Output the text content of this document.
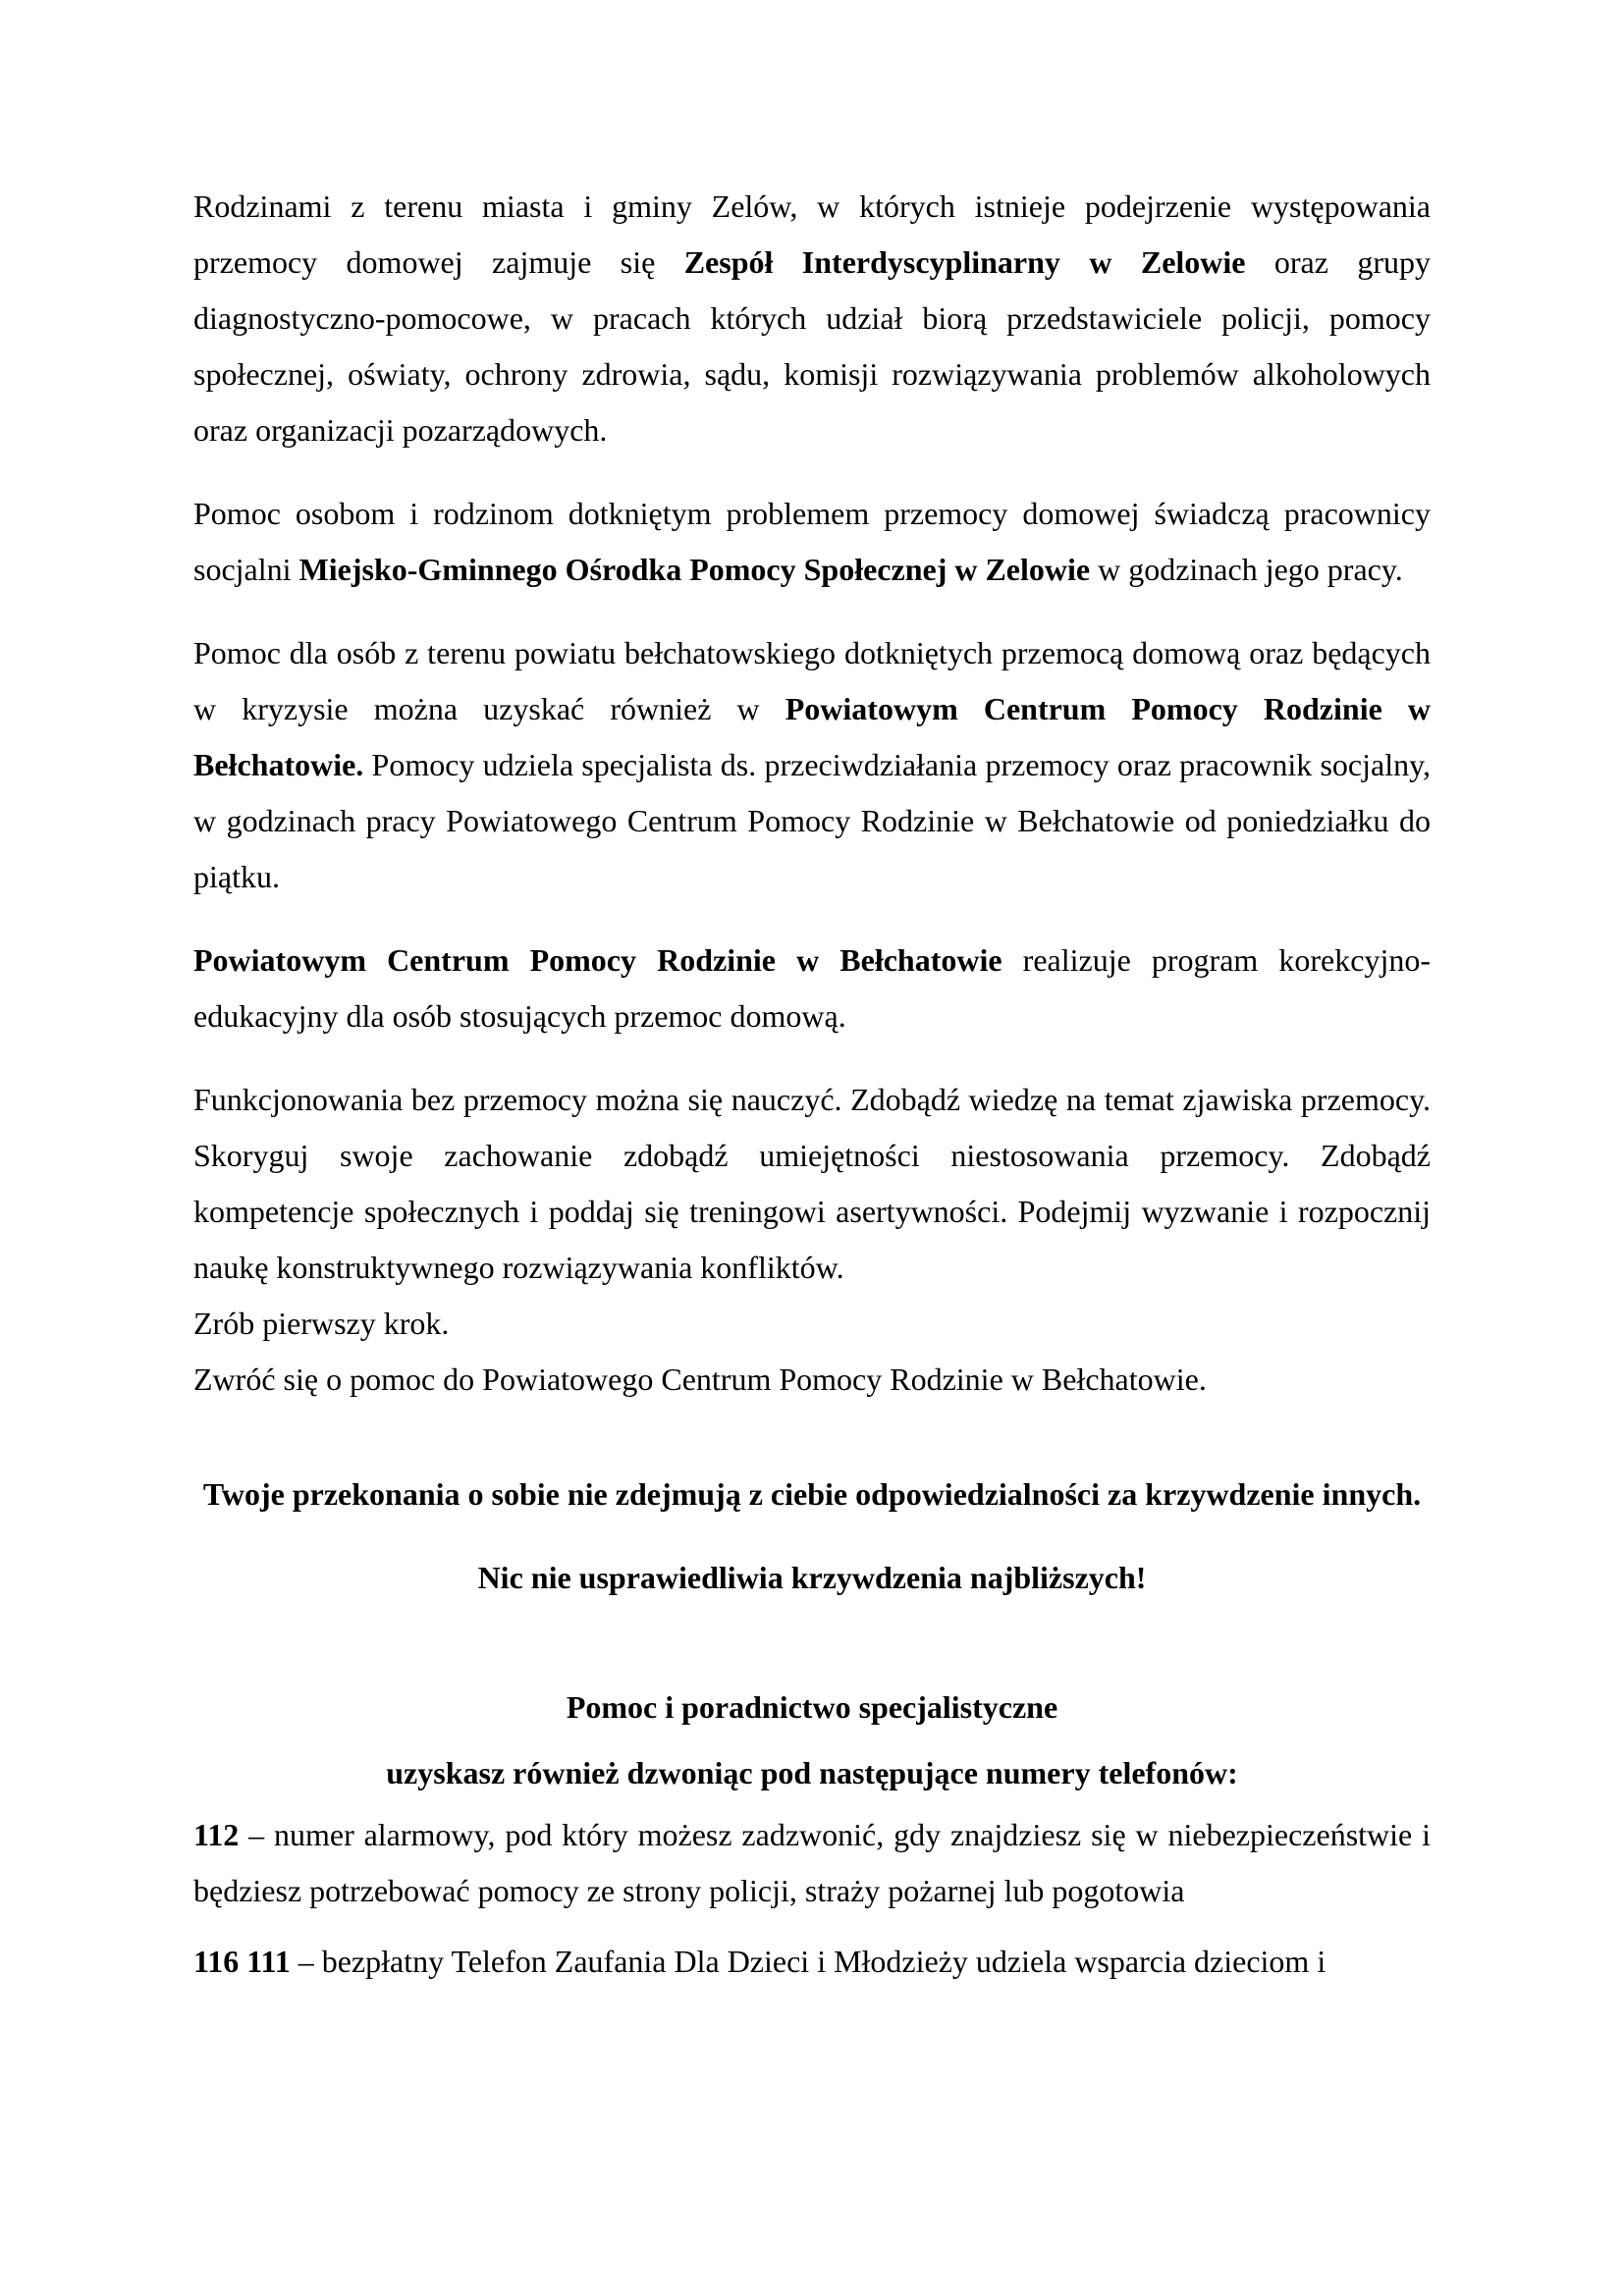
Rodzinami z terenu miasta i gminy Zelów, w których istnieje podejrzenie występowania przemocy domowej zajmuje się Zespół Interdyscyplinarny w Zelowie oraz grupy diagnostyczno-pomocowe, w pracach których udział biorą przedstawiciele policji, pomocy społecznej, oświaty, ochrony zdrowia, sądu, komisji rozwiązywania problemów alkoholowych oraz organizacji pozarządowych.

Pomoc osobom i rodzinom dotkniętym problemem przemocy domowej świadczą pracownicy socjalni Miejsko-Gminnego Ośrodka Pomocy Społecznej w Zelowie w godzinach jego pracy.

Pomoc dla osób z terenu powiatu bełchatowskiego dotkniętych przemocą domową oraz będących w kryzysie można uzyskać również w Powiatowym Centrum Pomocy Rodzinie w Bełchatowie. Pomocy udziela specjalista ds. przeciwdziałania przemocy oraz pracownik socjalny, w godzinach pracy Powiatowego Centrum Pomocy Rodzinie w Bełchatowie od poniedziałku do piątku.

Powiatowym Centrum Pomocy Rodzinie w Bełchatowie realizuje program korekcyjno-edukacyjny dla osób stosujących przemoc domową.

Funkcjonowania bez przemocy można się nauczyć. Zdobądź wiedzę na temat zjawiska przemocy. Skoryguj swoje zachowanie zdobądź umiejętności niestosowania przemocy. Zdobądź kompetencje społecznych i poddaj się treningowi asertywności. Podejmij wyzwanie i rozpocznij naukę konstruktywnego rozwiązywania konfliktów.

Zrób pierwszy krok.

Zwróć się o pomoc do Powiatowego Centrum Pomocy Rodzinie w Bełchatowie.

Twoje przekonania o sobie nie zdejmują z ciebie odpowiedzialności za krzywdzenie innych.

Nic nie usprawiedliwia krzywdzenia najbliższych!

Pomoc i poradnictwo specjalistyczne

uzyskasz również dzwoniąc pod następujące numery telefonów:

112 – numer alarmowy, pod który możesz zadzwonić, gdy znajdziesz się w niebezpieczeństwie i będziesz potrzebować pomocy ze strony policji, straży pożarnej lub pogotowia

116 111 – bezpłatny Telefon Zaufania Dla Dzieci i Młodzieży udziela wsparcia dzieciom i
